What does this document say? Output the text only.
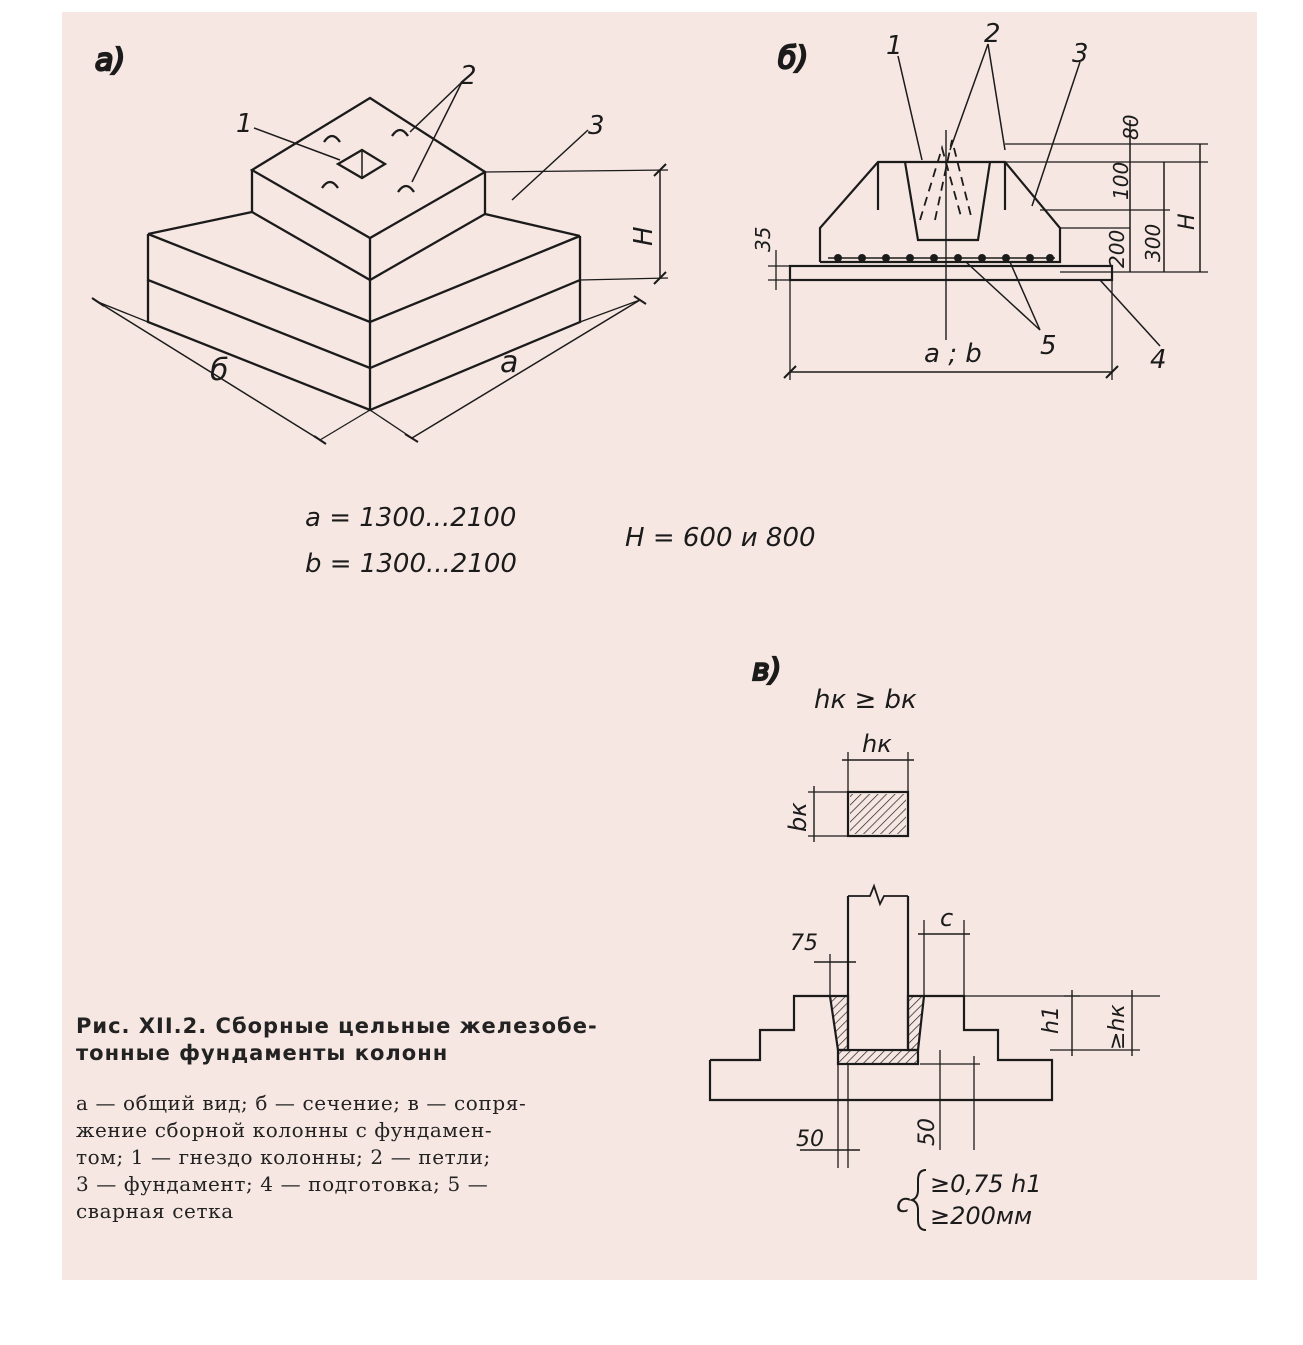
а)
1
2
3
б	а
Н
а = 1300...2100
b = 1300...2100
Н = 600 и 800
б)	1	2
3
4
5
80
100
300
200
Н
35
а ; b
в)
hк ≥ bк
hк
bк
с
75
h1 ≥hк
50	50
с
≥0,75 h1
≥200мм
Рис. XII.2. Сборные цельные железобе-
тонные фундаменты колонн
а — общий вид; б — сечение; в — сопря-
жение сборной колонны с фундамен-
том; 1 — гнездо колонны; 2 — петли;
3 — фундамент; 4 — подготовка; 5 —
сварная сетка
